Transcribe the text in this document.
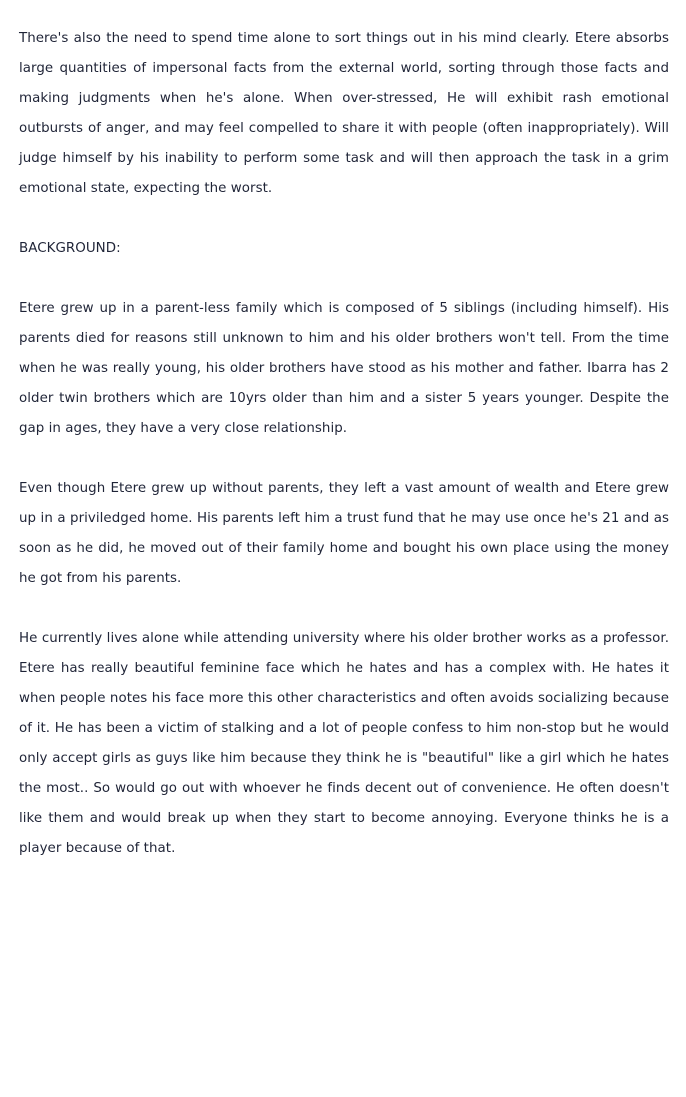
There's also the need to spend time alone to sort things out in his mind clearly. Etere absorbs large quantities of impersonal facts from the external world, sorting through those facts and making judgments when he's alone. When over-stressed, He will exhibit rash emotional outbursts of anger, and may feel compelled to share it with people (often inappropriately). Will judge himself by his inability to perform some task and will then approach the task in a grim emotional state, expecting the worst.

BACKGROUND:

Etere grew up in a parent-less family which is composed of 5 siblings (including himself). His parents died for reasons still unknown to him and his older brothers won't tell. From the time when he was really young, his older brothers have stood as his mother and father. Ibarra has 2 older twin brothers which are 10yrs older than him and a sister 5 years younger. Despite the gap in ages, they have a very close relationship.

Even though Etere grew up without parents, they left a vast amount of wealth and Etere grew up in a priviledged home. His parents left him a trust fund that he may use once he's 21 and as soon as he did, he moved out of their family home and bought his own place using the money he got from his parents.

He currently lives alone while attending university where his older brother works as a professor. Etere has really beautiful feminine face which he hates and has a complex with. He hates it when people notes his face more this other characteristics and often avoids socializing because of it. He has been a victim of stalking and a lot of people confess to him non-stop but he would only accept girls as guys like him because they think he is "beautiful" like a girl which he hates the most.. So would go out with whoever he finds decent out of convenience. He often doesn't like them and would break up when they start to become annoying. Everyone thinks he is a player because of that.
